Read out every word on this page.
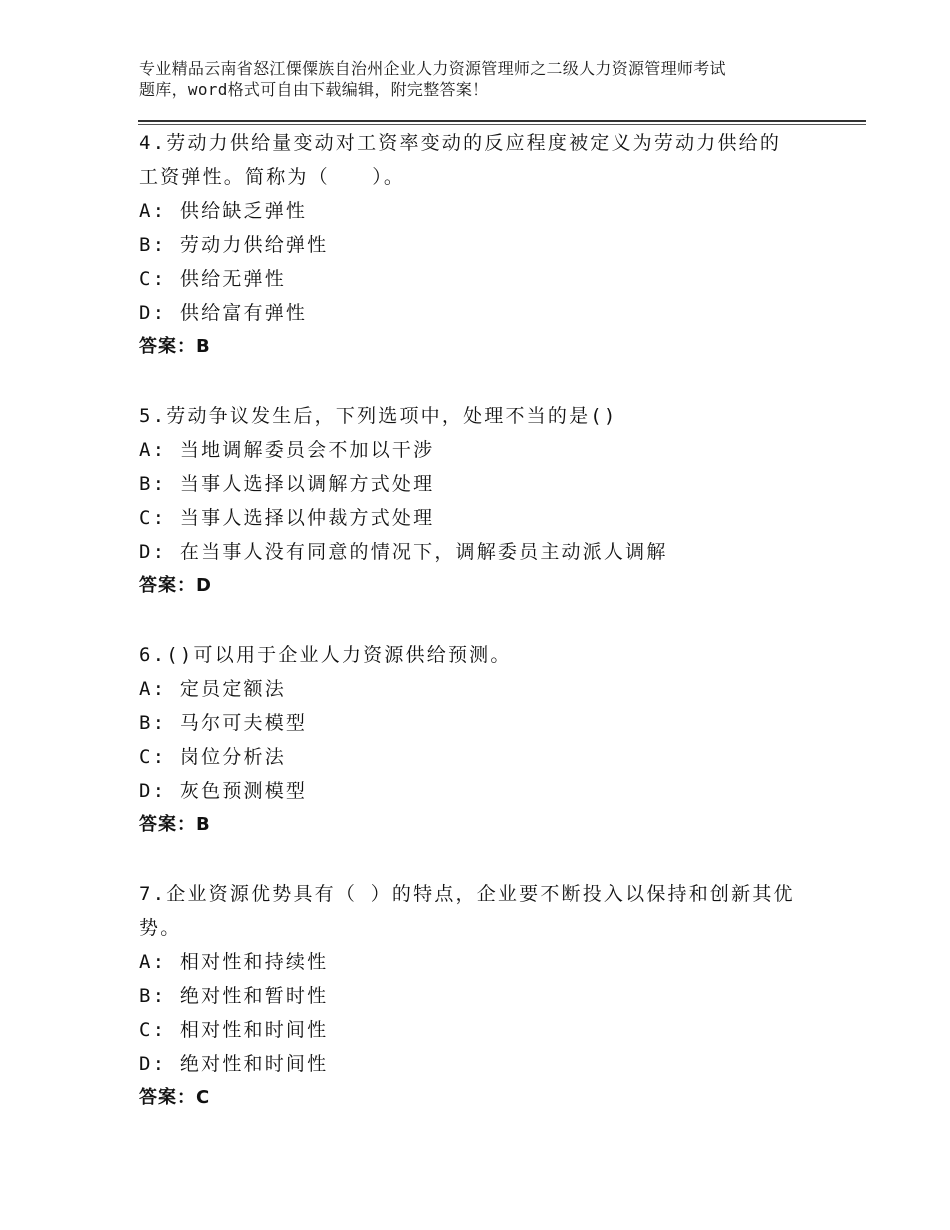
专业精品云南省怒江傈僳族自治州企业人力资源管理师之二级人力资源管理师考试
题库，word格式可自由下载编辑，附完整答案！
4.劳动力供给量变动对工资率变动的反应程度被定义为劳动力供给的
工资弹性。简称为（　　）。
A: 供给缺乏弹性
B: 劳动力供给弹性
C: 供给无弹性
D: 供给富有弹性
答案：B
5.劳动争议发生后，下列选项中，处理不当的是()
A: 当地调解委员会不加以干涉
B: 当事人选择以调解方式处理
C: 当事人选择以仲裁方式处理
D: 在当事人没有同意的情况下，调解委员主动派人调解
答案：D
6.()可以用于企业人力资源供给预测。
A: 定员定额法
B: 马尔可夫模型
C: 岗位分析法
D: 灰色预测模型
答案：B
7.企业资源优势具有（ ）的特点，企业要不断投入以保持和创新其优
势。
A: 相对性和持续性
B: 绝对性和暂时性
C: 相对性和时间性
D: 绝对性和时间性
答案：C
